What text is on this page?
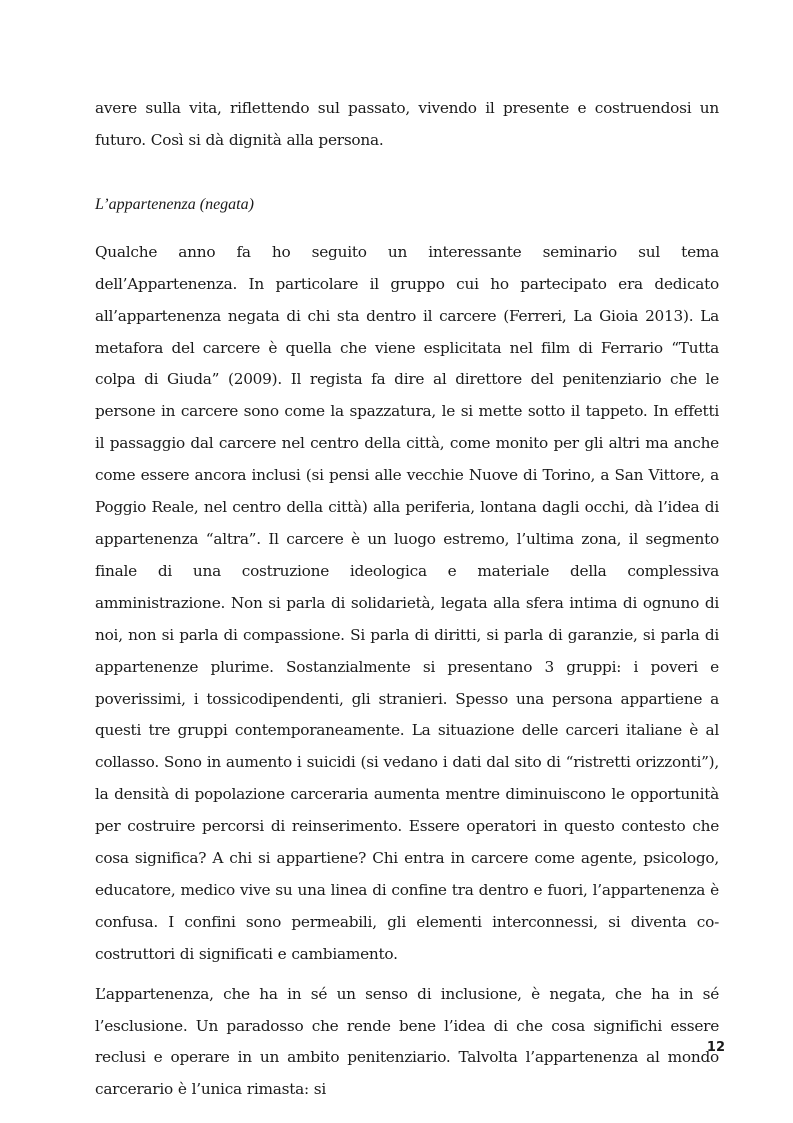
avere sulla vita, riflettendo sul passato, vivendo il presente e costruendosi un futuro. Così si dà dignità alla persona.

L’appartenenza (negata)

Qualche anno fa ho seguito un interessante seminario sul tema dell’Appartenenza. In particolare il gruppo cui ho partecipato era dedicato all’appartenenza negata di chi sta dentro il carcere (Ferreri, La Gioia 2013). La metafora del carcere è quella che viene esplicitata nel film di Ferrario “Tutta colpa di Giuda” (2009). Il regista fa dire al direttore del penitenziario che le persone in carcere sono come la spazzatura, le si mette sotto il tappeto. In effetti il passaggio dal carcere nel centro della città, come monito per gli altri ma anche come essere ancora inclusi (si pensi alle vecchie Nuove di Torino, a San Vittore, a Poggio Reale, nel centro della città) alla periferia, lontana dagli occhi, dà l’idea di appartenenza “altra”. Il carcere è un luogo estremo, l’ultima zona, il segmento finale di una costruzione ideologica e materiale della complessiva amministrazione. Non si parla di solidarietà, legata alla sfera intima di ognuno di noi, non si parla di compassione. Si parla di diritti, si parla di garanzie, si parla di appartenenze plurime. Sostanzialmente si presentano 3 gruppi: i poveri e poverissimi, i tossicodipendenti, gli stranieri. Spesso una persona appartiene a questi tre gruppi contemporaneamente. La situazione delle carceri italiane è al collasso. Sono in aumento i suicidi (si vedano i dati dal sito di “ristretti orizzonti”), la densità di popolazione carceraria aumenta mentre diminuiscono le opportunità per costruire percorsi di reinserimento. Essere operatori in questo contesto che cosa significa? A chi si appartiene? Chi entra in carcere come agente, psicologo, educatore, medico vive su una linea di confine tra dentro e fuori, l’appartenenza è confusa. I confini sono permeabili, gli elementi interconnessi, si diventa co-costruttori di significati e cambiamento.

L’appartenenza, che ha in sé un senso di inclusione, è negata, che ha in sé l’esclusione. Un paradosso che rende bene l’idea di che cosa significhi essere reclusi e operare in un ambito penitenziario. Talvolta l’appartenenza al mondo carcerario è l’unica rimasta: si

12
